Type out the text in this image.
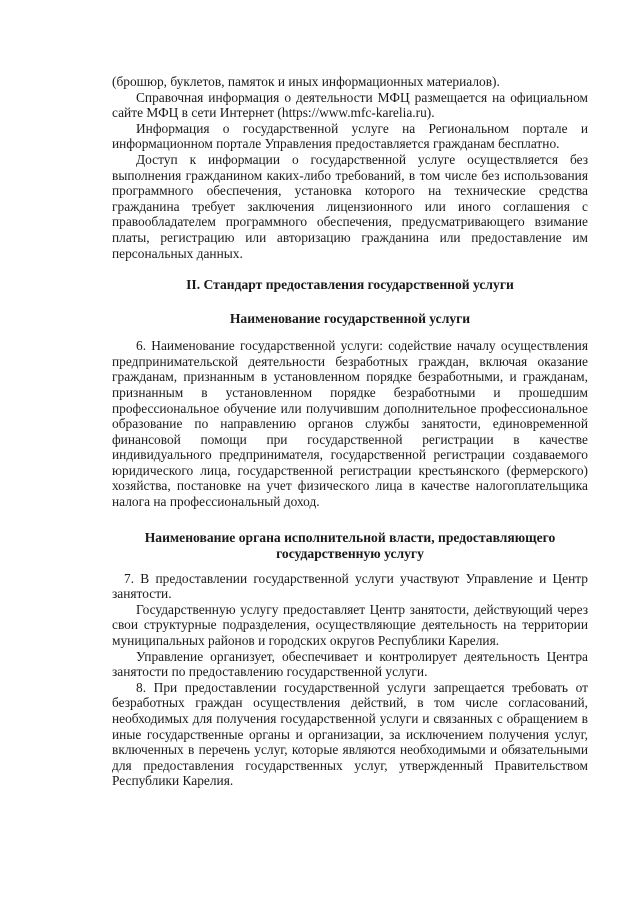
(брошюр, буклетов, памяток и иных информационных материалов).

Справочная информация о деятельности МФЦ размещается на официальном сайте МФЦ в сети Интернет (https://www.mfc-karelia.ru).

Информация о государственной услуге на Региональном портале и информационном портале Управления предоставляется гражданам бесплатно.

Доступ к информации о государственной услуге осуществляется без выполнения гражданином каких-либо требований, в том числе без использования программного обеспечения, установка которого на технические средства гражданина требует заключения лицензионного или иного соглашения с правообладателем программного обеспечения, предусматривающего взимание платы, регистрацию или авторизацию гражданина или предоставление им персональных данных.

II. Стандарт предоставления государственной услуги
Наименование государственной услуги

6. Наименование государственной услуги: содействие началу осуществления предпринимательской деятельности безработных граждан, включая оказание гражданам, признанным в установленном порядке безработными, и гражданам, признанным в установленном порядке безработными и прошедшим профессиональное обучение или получившим дополнительное профессиональное образование по направлению органов службы занятости, единовременной финансовой помощи при государственной регистрации в качестве индивидуального предпринимателя, государственной регистрации создаваемого юридического лица, государственной регистрации крестьянского (фермерского) хозяйства, постановке на учет физического лица в качестве налогоплательщика налога на профессиональный доход.

Наименование органа исполнительной власти, предоставляющего
государственную услугу

7. В предоставлении государственной услуги участвуют Управление и Центр занятости.

Государственную услугу предоставляет Центр занятости, действующий через свои структурные подразделения, осуществляющие деятельность на территории муниципальных районов и городских округов Республики Карелия.

Управление организует, обеспечивает и контролирует деятельность Центра занятости по предоставлению государственной услуги.

8. При предоставлении государственной услуги запрещается требовать от безработных граждан осуществления действий, в том числе согласований, необходимых для получения государственной услуги и связанных с обращением в иные государственные органы и организации, за исключением получения услуг, включенных в перечень услуг, которые являются необходимыми и обязательными для предоставления государственных услуг, утвержденный Правительством Республики Карелия.
